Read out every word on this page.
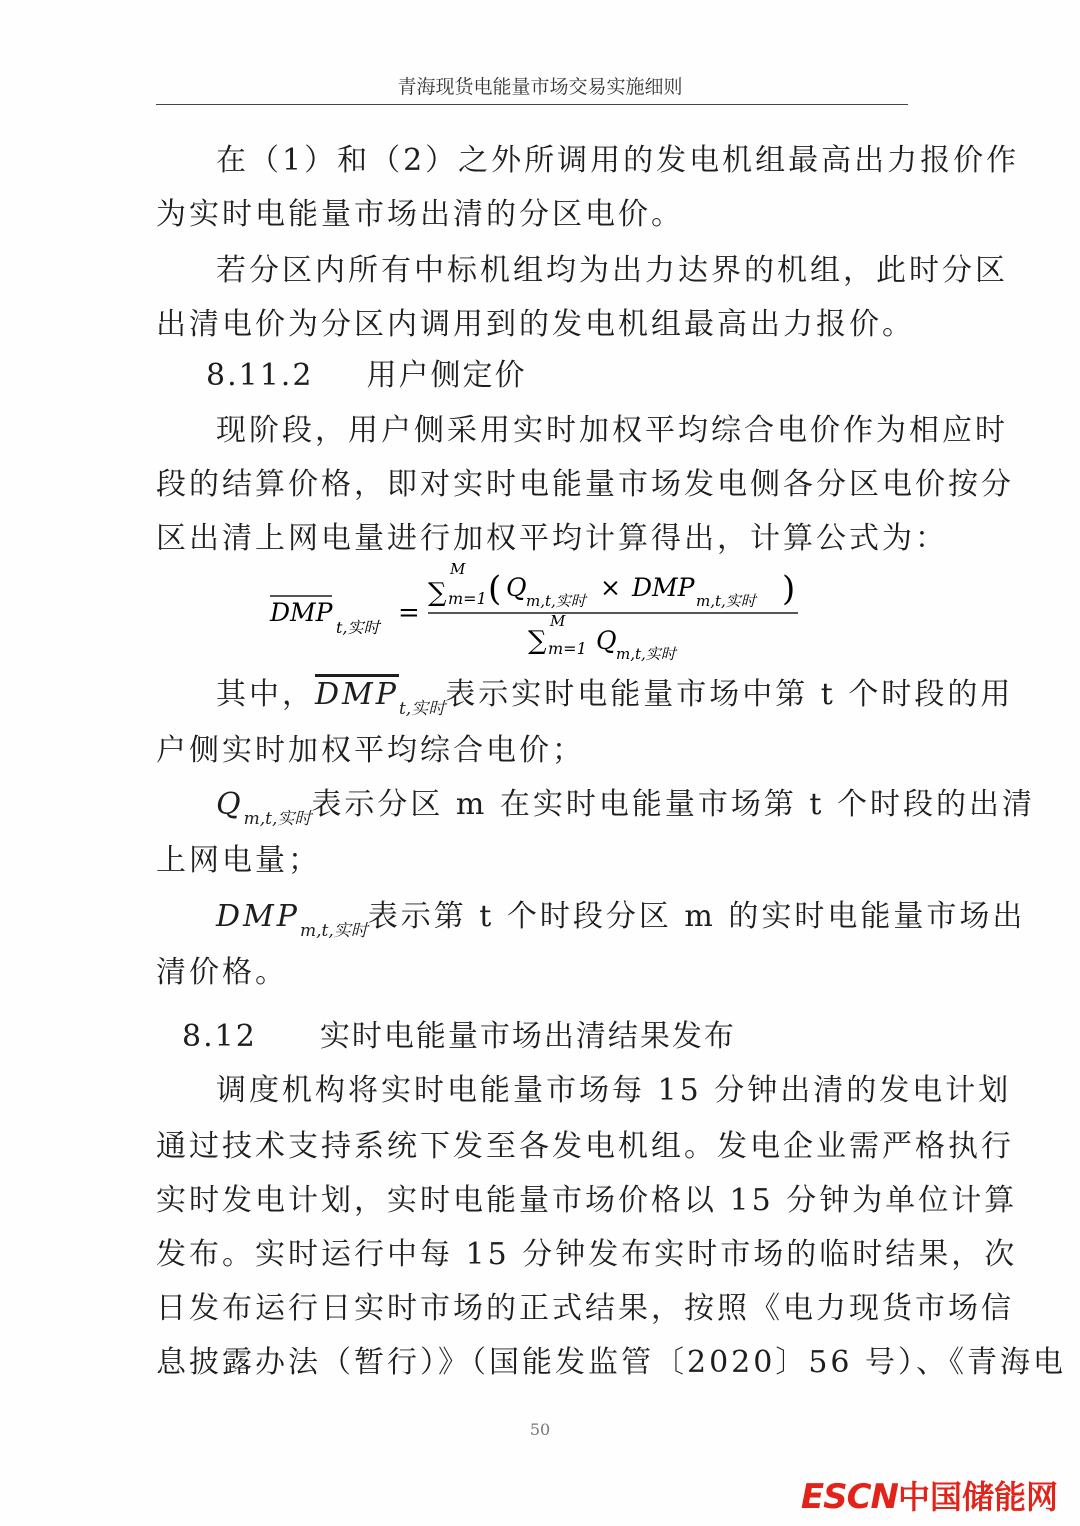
青海现货电能量市场交易实施细则
在（1）和（2）之外所调用的发电机组最高出力报价作
为实时电能量市场出清的分区电价。
若分区内所有中标机组均为出力达界的机组，此时分区
出清电价为分区内调用到的发电机组最高出力报价。
8.11.2 用户侧定价
现阶段，用户侧采用实时加权平均综合电价作为相应时
段的结算价格，即对实时电能量市场发电侧各分区电价按分
区出清上网电量进行加权平均计算得出，计算公式为：
DMP
t,实时 =
∑
M
m=1 ( Q m,t,实时 × DMP m,t,实时 )
∑
M
m=1 Q m,t,实时
其中，$\overline{DMP}_{t,实时}$表示实时电能量市场中第 t 个时段的用
户侧实时加权平均综合电价；
$Q_{m,t,实时}$表示分区 m 在实时电能量市场第 t 个时段的出清
上网电量；
$DMP_{m,t,实时}$表示第 t 个时段分区 m 的实时电能量市场出
清价格。
8.12 实时电能量市场出清结果发布
调度机构将实时电能量市场每 15 分钟出清的发电计划
通过技术支持系统下发至各发电机组。发电企业需严格执行
实时发电计划，实时电能量市场价格以 15 分钟为单位计算
发布。实时运行中每 15 分钟发布实时市场的临时结果，次
日发布运行日实时市场的正式结果，按照《电力现货市场信
息披露办法（暂行）》（国能发监管〔2020〕56 号）、《青海电
50
ESCN中国储能网
